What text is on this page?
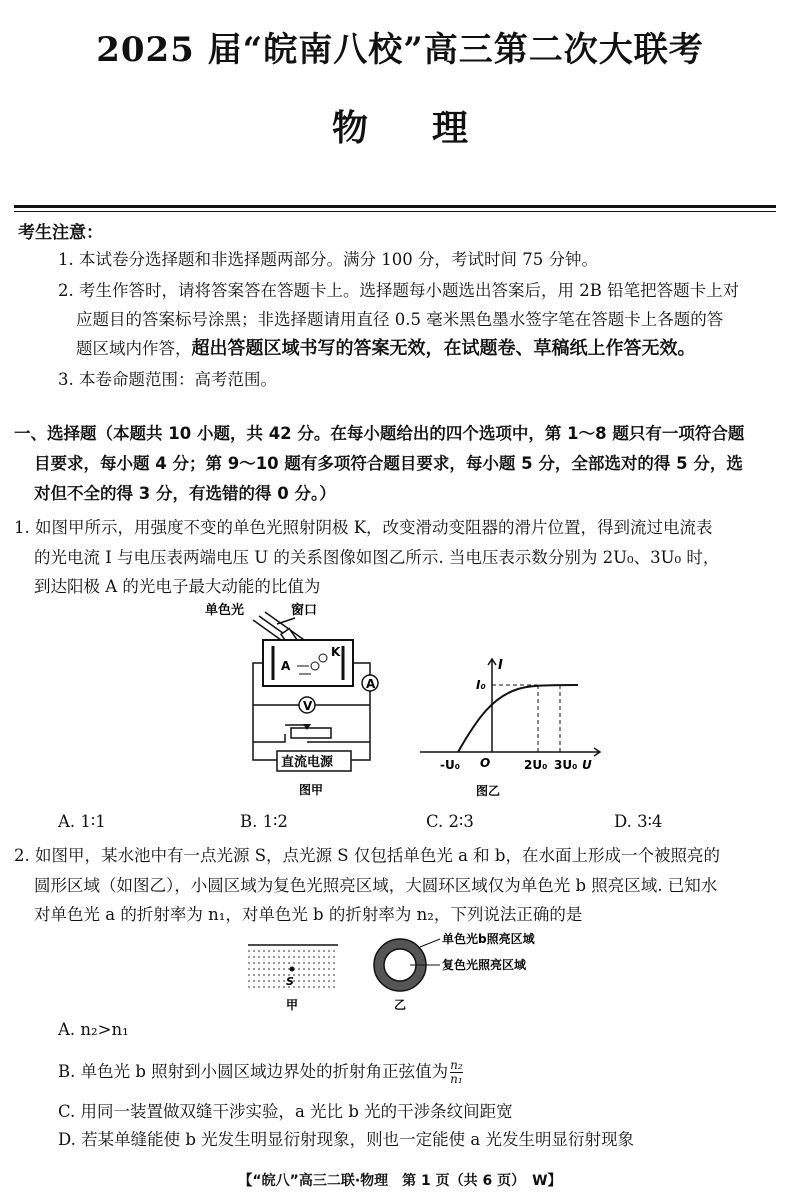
2025 届“皖南八校”高三第二次大联考
物理
考生注意：
1. 本试卷分选择题和非选择题两部分。满分 100 分，考试时间 75 分钟。
2. 考生作答时，请将答案答在答题卡上。选择题每小题选出答案后，用 2B 铅笔把答题卡上对
应题目的答案标号涂黑；非选择题请用直径 0.5 毫米黑色墨水签字笔在答题卡上各题的答
题区域内作答，超出答题区域书写的答案无效，在试题卷、草稿纸上作答无效。
3. 本卷命题范围：高考范围。
一、选择题（本题共 10 小题，共 42 分。在每小题给出的四个选项中，第 1～8 题只有一项符合题
目要求，每小题 4 分；第 9～10 题有多项符合题目要求，每小题 5 分，全部选对的得 5 分，选
对但不全的得 3 分，有选错的得 0 分。）
1. 如图甲所示，用强度不变的单色光照射阴极 K，改变滑动变阻器的滑片位置，得到流过电流表
的光电流 I 与电压表两端电压 U 的关系图像如图乙所示. 当电压表示数分别为 2U₀、3U₀ 时，
到达阳极 A 的光电子最大动能的比值为
单色光	窗口
A
K
A
V
直流电源
图甲
I
I₀
-U₀ O	2U₀ 3U₀ U
图乙
A. 1∶1	B. 1∶2	C. 2∶3	D. 3∶4
2. 如图甲，某水池中有一点光源 S，点光源 S 仅包括单色光 a 和 b，在水面上形成一个被照亮的
圆形区域（如图乙），小圆区域为复色光照亮区域，大圆环区域仅为单色光 b 照亮区域. 已知水
对单色光 a 的折射率为 n₁，对单色光 b 的折射率为 n₂，下列说法正确的是
S
甲
单色光b照亮区域
复色光照亮区域
乙
A. n₂>n₁
B. 单色光 b 照射到小圆区域边界处的折射角正弦值为 $\frac{\text{n₂}}{\text{n₁}}$
C. 用同一装置做双缝干涉实验，a 光比 b 光的干涉条纹间距宽
D. 若某单缝能使 b 光发生明显衍射现象，则也一定能使 a 光发生明显衍射现象
【“皖八”高三二联·物理　第 1 页（共 6 页）　W】
